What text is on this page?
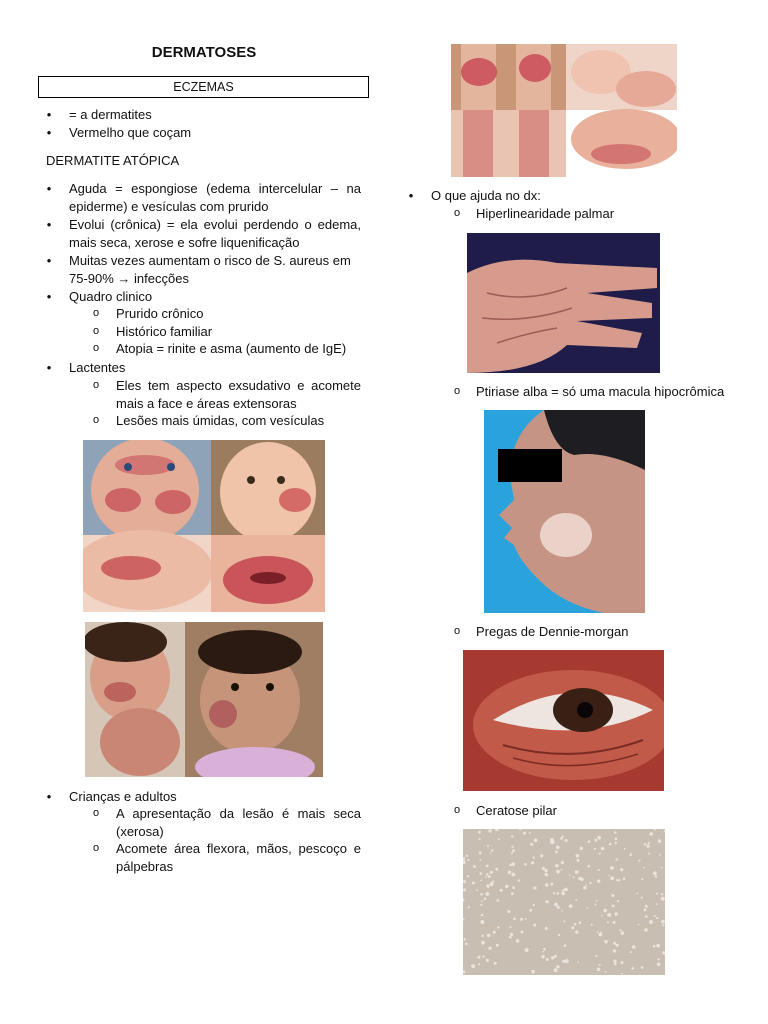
DERMATOSES
ECZEMAS
• = a dermatites
• Vermelho que coçam
DERMATITE ATÓPICA
• Aguda = espongiose (edema intercelular – na epiderme) e vesículas com prurido
• Evolui (crônica) = ela evolui perdendo o edema, mais seca, xerose e sofre liquenificação
• Muitas vezes aumentam o risco de S. aureus em 75-90% → infecções
• Quadro clinico
o Prurido crônico
o Histórico familiar
o Atopia = rinite e asma (aumento de IgE)
• Lactentes
o Eles tem aspecto exsudativo e acomete mais a face e áreas extensoras
o Lesões mais úmidas, com vesículas
• Crianças e adultos
o A apresentação da lesão é mais seca (xerosa)
o Acomete área flexora, mãos, pescoço e pálpebras
• O que ajuda no dx:
o Hiperlinearidade palmar
o Ptiriase alba = só uma macula hipocrômica
o Pregas de Dennie-morgan
o Ceratose pilar
